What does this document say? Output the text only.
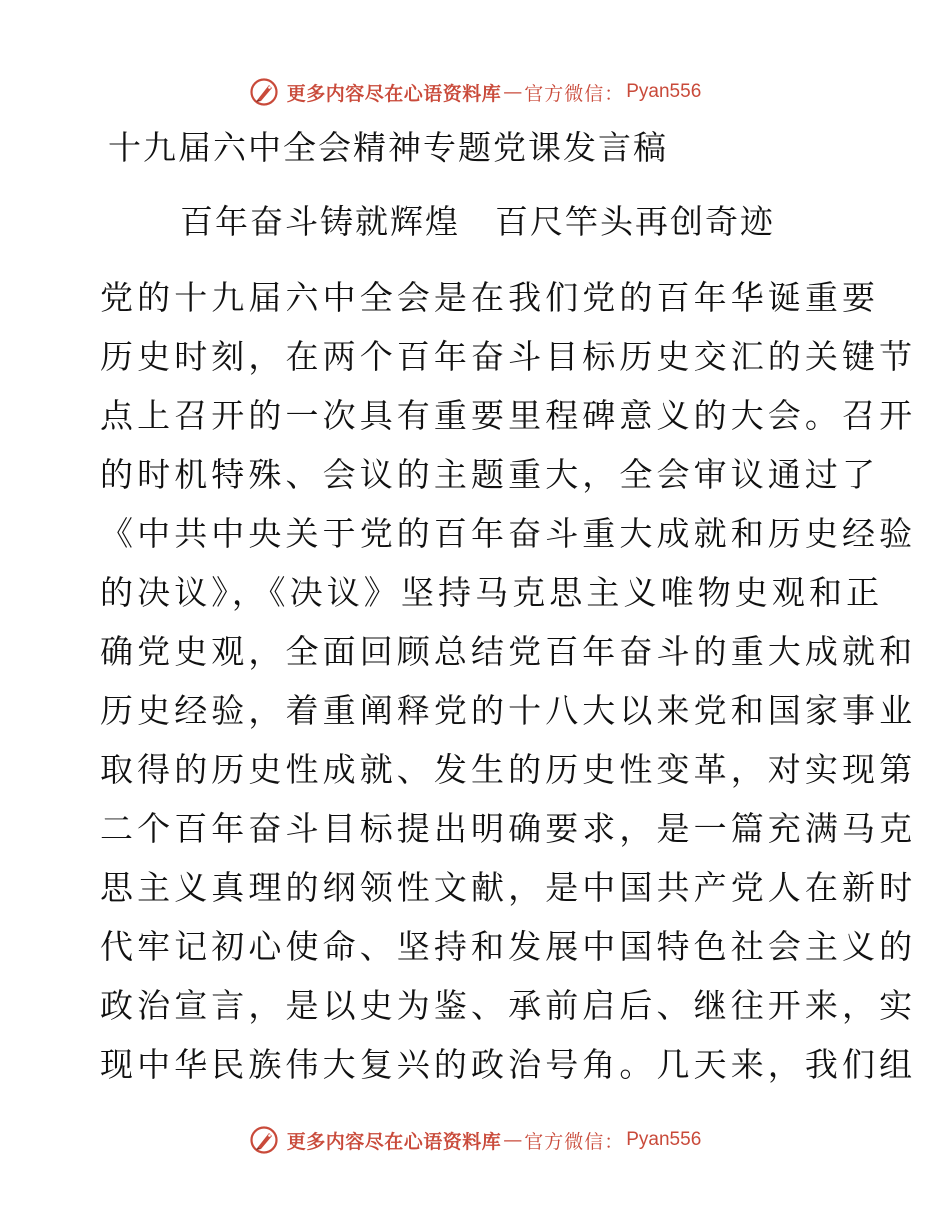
更多内容尽在心语资料库 — 官方微信： Pyan556
十九届六中全会精神专题党课发言稿
百年奋斗铸就辉煌　百尺竿头再创奇迹
党的十九届六中全会是在我们党的百年华诞重要
历史时刻，在两个百年奋斗目标历史交汇的关键节
点上召开的一次具有重要里程碑意义的大会。召开
的时机特殊、会议的主题重大，全会审议通过了
《中共中央关于党的百年奋斗重大成就和历史经验
的决议》，《决议》坚持马克思主义唯物史观和正
确党史观，全面回顾总结党百年奋斗的重大成就和
历史经验，着重阐释党的十八大以来党和国家事业
取得的历史性成就、发生的历史性变革，对实现第
二个百年奋斗目标提出明确要求，是一篇充满马克
思主义真理的纲领性文献，是中国共产党人在新时
代牢记初心使命、坚持和发展中国特色社会主义的
政治宣言，是以史为鉴、承前启后、继往开来，实
现中华民族伟大复兴的政治号角。几天来，我们组
更多内容尽在心语资料库 — 官方微信： Pyan556
